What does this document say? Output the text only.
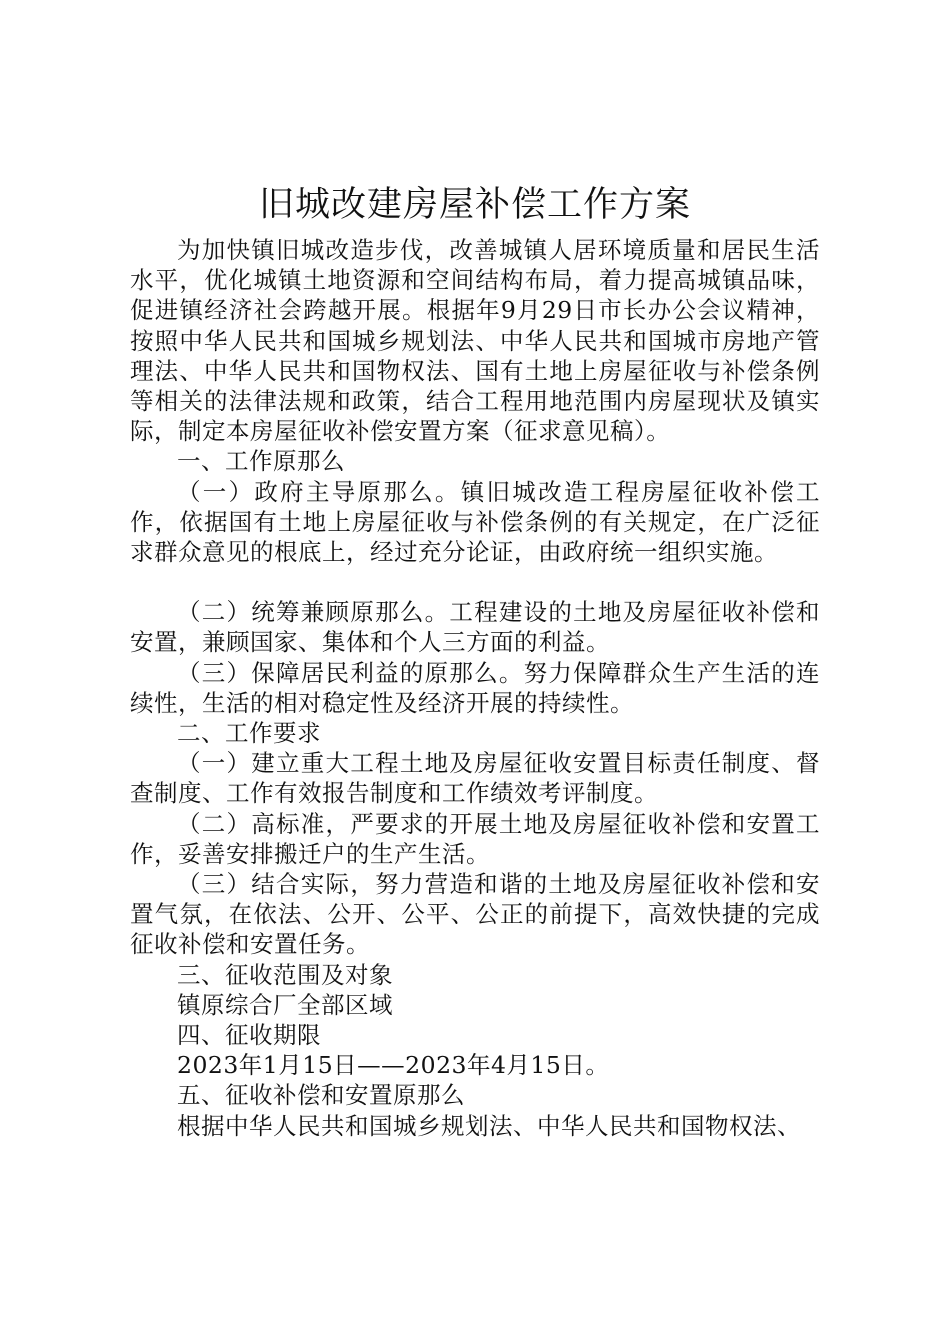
旧城改建房屋补偿工作方案

为加快镇旧城改造步伐，改善城镇人居环境质量和居民生活水平，优化城镇土地资源和空间结构布局，着力提高城镇品味，促进镇经济社会跨越开展。根据年9月29日市长办公会议精神，按照中华人民共和国城乡规划法、中华人民共和国城市房地产管理法、中华人民共和国物权法、国有土地上房屋征收与补偿条例等相关的法律法规和政策，结合工程用地范围内房屋现状及镇实际，制定本房屋征收补偿安置方案（征求意见稿）。

一、工作原那么

（一）政府主导原那么。镇旧城改造工程房屋征收补偿工作，依据国有土地上房屋征收与补偿条例的有关规定，在广泛征求群众意见的根底上，经过充分论证，由政府统一组织实施。

（二）统筹兼顾原那么。工程建设的土地及房屋征收补偿和安置，兼顾国家、集体和个人三方面的利益。

（三）保障居民利益的原那么。努力保障群众生产生活的连续性，生活的相对稳定性及经济开展的持续性。

二、工作要求

（一）建立重大工程土地及房屋征收安置目标责任制度、督查制度、工作有效报告制度和工作绩效考评制度。

（二）高标准，严要求的开展土地及房屋征收补偿和安置工作，妥善安排搬迁户的生产生活。

（三）结合实际，努力营造和谐的土地及房屋征收补偿和安置气氛，在依法、公开、公平、公正的前提下，高效快捷的完成征收补偿和安置任务。

三、征收范围及对象

镇原综合厂全部区域

四、征收期限

2023年1月15日——2023年4月15日。

五、征收补偿和安置原那么

根据中华人民共和国城乡规划法、中华人民共和国物权法、
